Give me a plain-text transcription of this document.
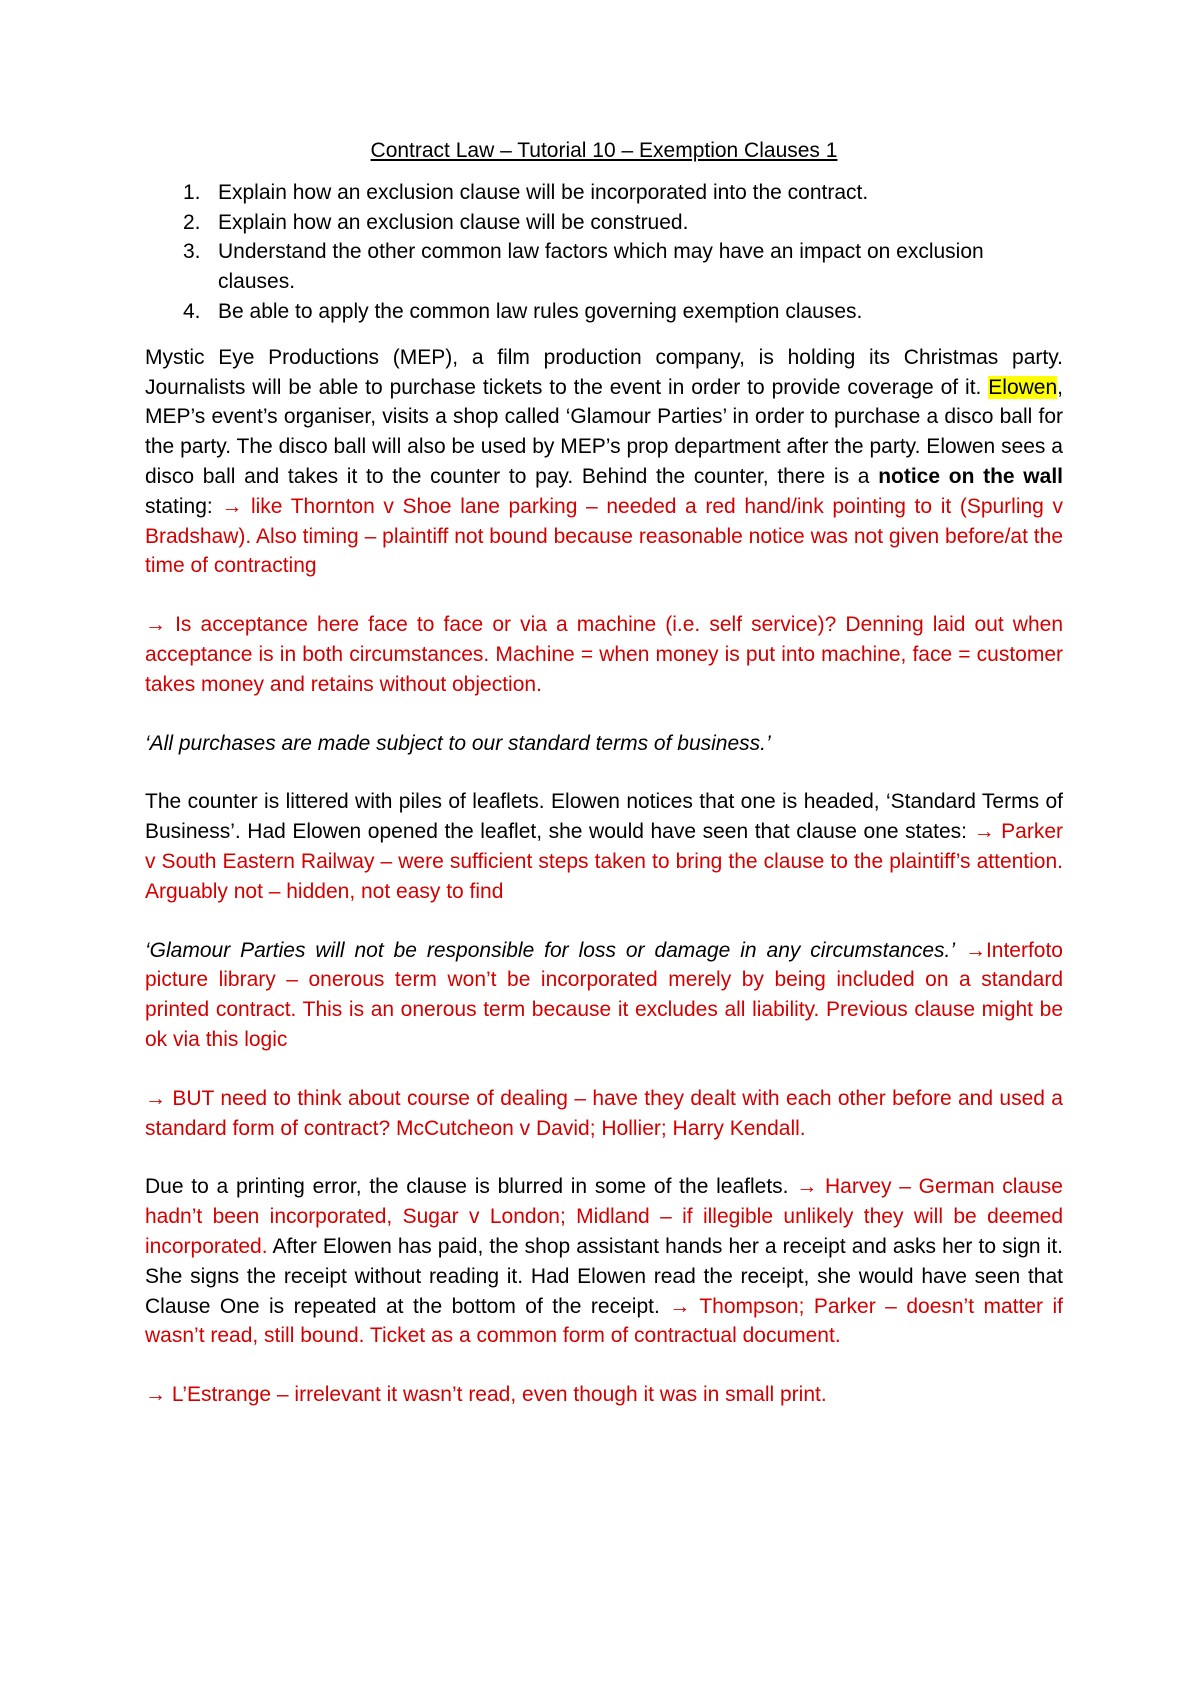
Contract Law – Tutorial 10 – Exemption Clauses 1
1. Explain how an exclusion clause will be incorporated into the contract.
2. Explain how an exclusion clause will be construed.
3. Understand the other common law factors which may have an impact on exclusion clauses.
4. Be able to apply the common law rules governing exemption clauses.

Mystic Eye Productions (MEP), a film production company, is holding its Christmas party. Journalists will be able to purchase tickets to the event in order to provide coverage of it. Elowen, MEP’s event’s organiser, visits a shop called ‘Glamour Parties’ in order to purchase a disco ball for the party. The disco ball will also be used by MEP’s prop department after the party. Elowen sees a disco ball and takes it to the counter to pay. Behind the counter, there is a notice on the wall stating: → like Thornton v Shoe lane parking – needed a red hand/ink pointing to it (Spurling v Bradshaw). Also timing – plaintiff not bound because reasonable notice was not given before/at the time of contracting

→ Is acceptance here face to face or via a machine (i.e. self service)? Denning laid out when acceptance is in both circumstances. Machine = when money is put into machine, face = customer takes money and retains without objection.

‘All purchases are made subject to our standard terms of business.’

The counter is littered with piles of leaflets. Elowen notices that one is headed, ‘Standard Terms of Business’. Had Elowen opened the leaflet, she would have seen that clause one states: → Parker v South Eastern Railway – were sufficient steps taken to bring the clause to the plaintiff’s attention. Arguably not – hidden, not easy to find

‘Glamour Parties will not be responsible for loss or damage in any circumstances.’ →Interfoto picture library – onerous term won’t be incorporated merely by being included on a standard printed contract. This is an onerous term because it excludes all liability. Previous clause might be ok via this logic

→ BUT need to think about course of dealing – have they dealt with each other before and used a standard form of contract? McCutcheon v David; Hollier; Harry Kendall.

Due to a printing error, the clause is blurred in some of the leaflets. → Harvey – German clause hadn’t been incorporated, Sugar v London; Midland – if illegible unlikely they will be deemed incorporated. After Elowen has paid, the shop assistant hands her a receipt and asks her to sign it. She signs the receipt without reading it. Had Elowen read the receipt, she would have seen that Clause One is repeated at the bottom of the receipt. → Thompson; Parker – doesn’t matter if wasn’t read, still bound. Ticket as a common form of contractual document.

→ L’Estrange – irrelevant it wasn’t read, even though it was in small print.
